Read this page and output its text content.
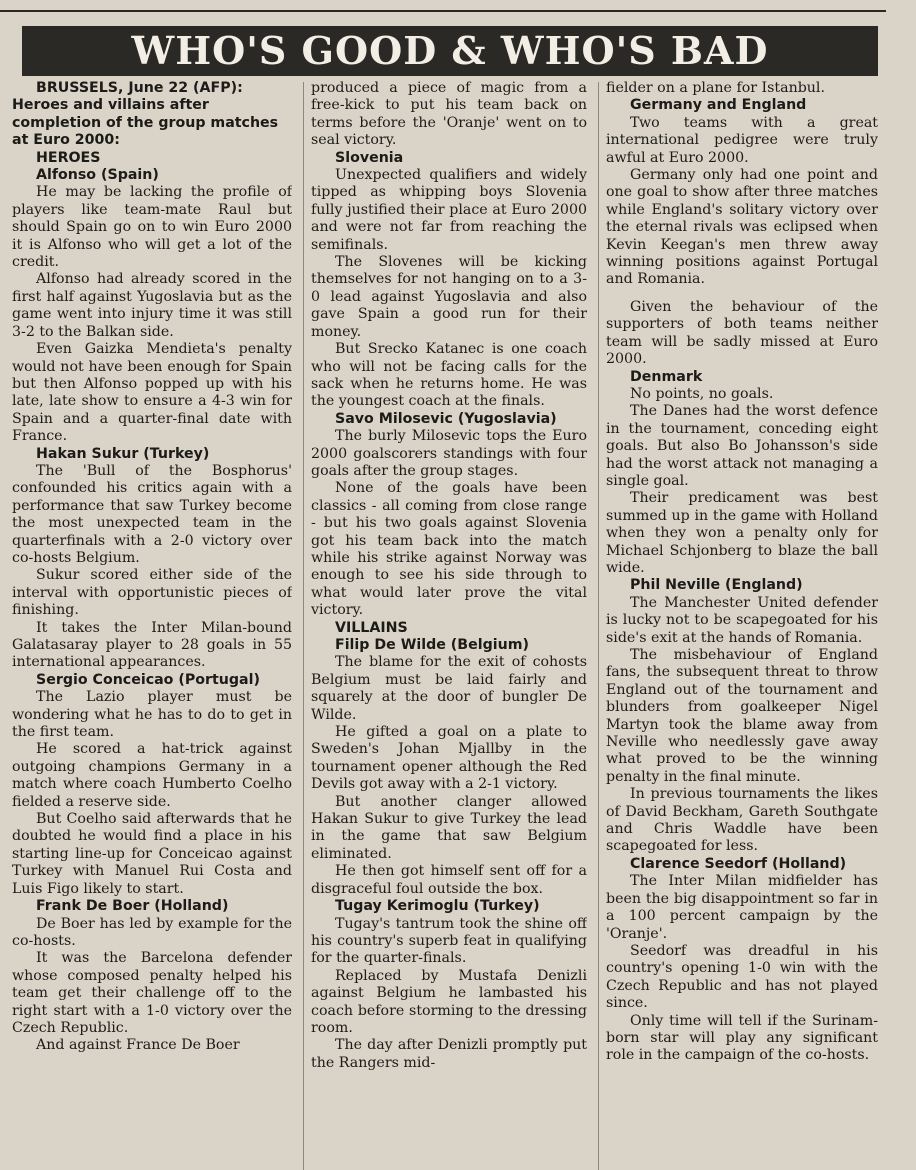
WHO'S GOOD & WHO'S BAD

BRUSSELS, June 22 (AFP):

Heroes and villains after completion of the group matches at Euro 2000:

HEROES
Alfonso (Spain)

He may be lacking the profile of players like team-mate Raul but should Spain go on to win Euro 2000 it is Alfonso who will get a lot of the credit.

Alfonso had already scored in the first half against Yugoslavia but as the game went into injury time it was still 3-2 to the Balkan side.

Even Gaizka Mendieta's penalty would not have been enough for Spain but then Alfonso popped up with his late, late show to ensure a 4-3 win for Spain and a quarter-final date with France.

Hakan Sukur (Turkey)

The 'Bull of the Bosphorus' confounded his critics again with a performance that saw Turkey become the most unexpected team in the quarterfinals with a 2-0 victory over co-hosts Belgium.

Sukur scored either side of the interval with opportunistic pieces of finishing.

It takes the Inter Milan-bound Galatasaray player to 28 goals in 55 international appearances.

Sergio Conceicao (Portugal)

The Lazio player must be wondering what he has to do to get in the first team.

He scored a hat-trick against outgoing champions Germany in a match where coach Humberto Coelho fielded a reserve side.

But Coelho said afterwards that he doubted he would find a place in his starting line-up for Conceicao against Turkey with Manuel Rui Costa and Luis Figo likely to start.

Frank De Boer (Holland)

De Boer has led by example for the co-hosts.

It was the Barcelona defender whose composed penalty helped his team get their challenge off to the right start with a 1-0 victory over the Czech Republic.

And against France De Boer

produced a piece of magic from a free-kick to put his team back on terms before the 'Oranje' went on to seal victory.

Slovenia

Unexpected qualifiers and widely tipped as whipping boys Slovenia fully justified their place at Euro 2000 and were not far from reaching the semifinals.

The Slovenes will be kicking themselves for not hanging on to a 3-0 lead against Yugoslavia and also gave Spain a good run for their money.

But Srecko Katanec is one coach who will not be facing calls for the sack when he returns home. He was the youngest coach at the finals.

Savo Milosevic (Yugoslavia)

The burly Milosevic tops the Euro 2000 goalscorers standings with four goals after the group stages.

None of the goals have been classics - all coming from close range - but his two goals against Slovenia got his team back into the match while his strike against Norway was enough to see his side through to what would later prove the vital victory.

VILLAINS
Filip De Wilde (Belgium)

The blame for the exit of cohosts Belgium must be laid fairly and squarely at the door of bungler De Wilde.

He gifted a goal on a plate to Sweden's Johan Mjallby in the tournament opener although the Red Devils got away with a 2-1 victory.

But another clanger allowed Hakan Sukur to give Turkey the lead in the game that saw Belgium eliminated.

He then got himself sent off for a disgraceful foul outside the box.

Tugay Kerimoglu (Turkey)

Tugay's tantrum took the shine off his country's superb feat in qualifying for the quarter-finals.

Replaced by Mustafa Denizli against Belgium he lambasted his coach before storming to the dressing room.

The day after Denizli promptly put the Rangers mid-

fielder on a plane for Istanbul.

Germany and England

Two teams with a great international pedigree were truly awful at Euro 2000.

Germany only had one point and one goal to show after three matches while England's solitary victory over the eternal rivals was eclipsed when Kevin Keegan's men threw away winning positions against Portugal and Romania.

Given the behaviour of the supporters of both teams neither team will be sadly missed at Euro 2000.

Denmark

No points, no goals.

The Danes had the worst defence in the tournament, conceding eight goals. But also Bo Johansson's side had the worst attack not managing a single goal.

Their predicament was best summed up in the game with Holland when they won a penalty only for Michael Schjonberg to blaze the ball wide.

Phil Neville (England)

The Manchester United defender is lucky not to be scapegoated for his side's exit at the hands of Romania.

The misbehaviour of England fans, the subsequent threat to throw England out of the tournament and blunders from goalkeeper Nigel Martyn took the blame away from Neville who needlessly gave away what proved to be the winning penalty in the final minute.

In previous tournaments the likes of David Beckham, Gareth Southgate and Chris Waddle have been scapegoated for less.

Clarence Seedorf (Holland)

The Inter Milan midfielder has been the big disappointment so far in a 100 percent campaign by the 'Oranje'.

Seedorf was dreadful in his country's opening 1-0 win with the Czech Republic and has not played since.

Only time will tell if the Surinam-born star will play any significant role in the campaign of the co-hosts.
